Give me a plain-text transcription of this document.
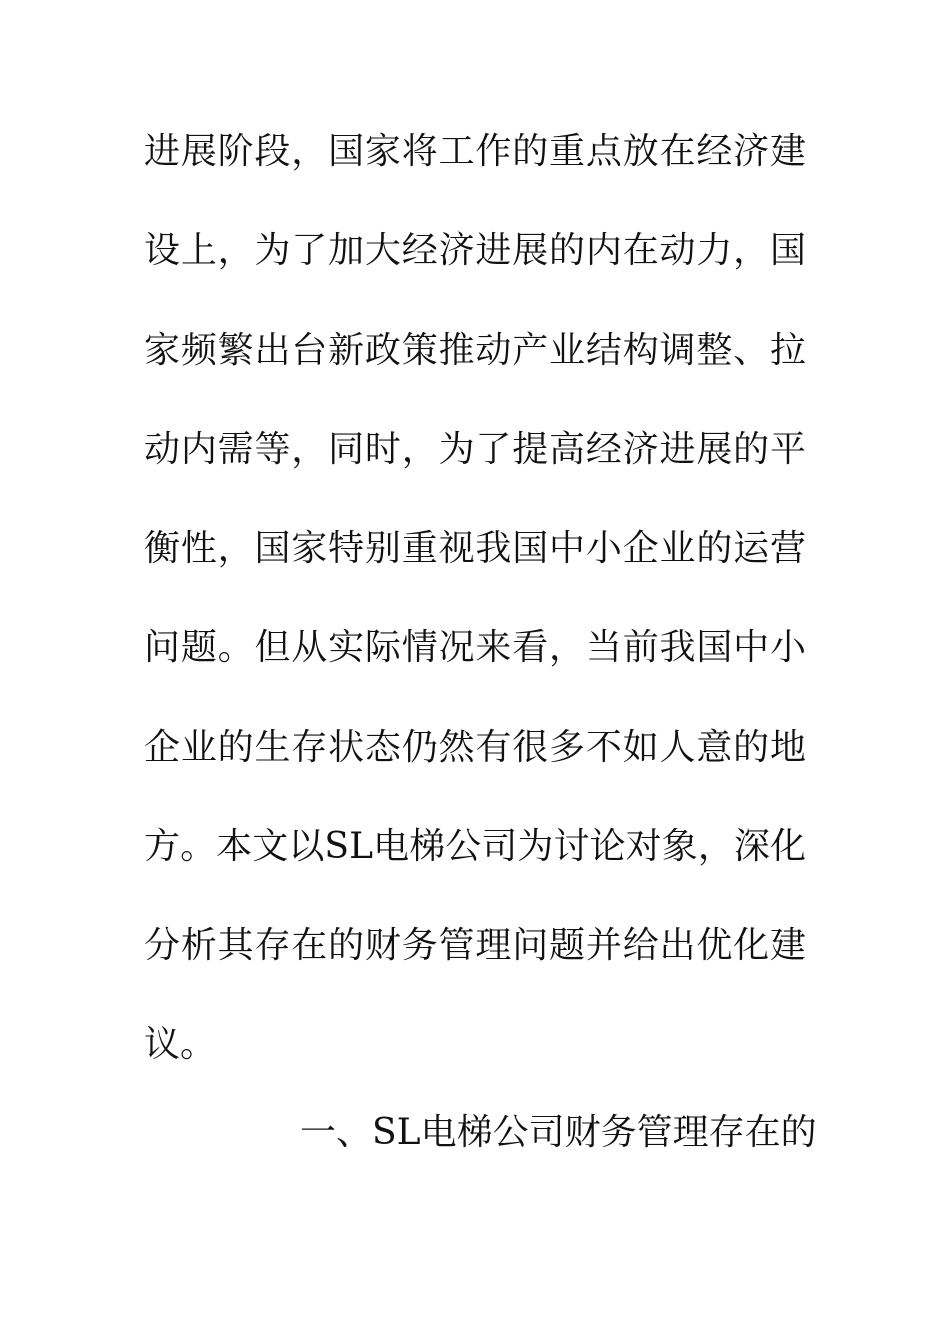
进展阶段，国家将工作的重点放在经济建
设上，为了加大经济进展的内在动力，国
家频繁出台新政策推动产业结构调整、拉
动内需等，同时，为了提高经济进展的平
衡性，国家特别重视我国中小企业的运营
问题。但从实际情况来看，当前我国中小
企业的生存状态仍然有很多不如人意的地
方。本文以SL电梯公司为讨论对象，深化
分析其存在的财务管理问题并给出优化建
议。
一、SL电梯公司财务管理存在的
